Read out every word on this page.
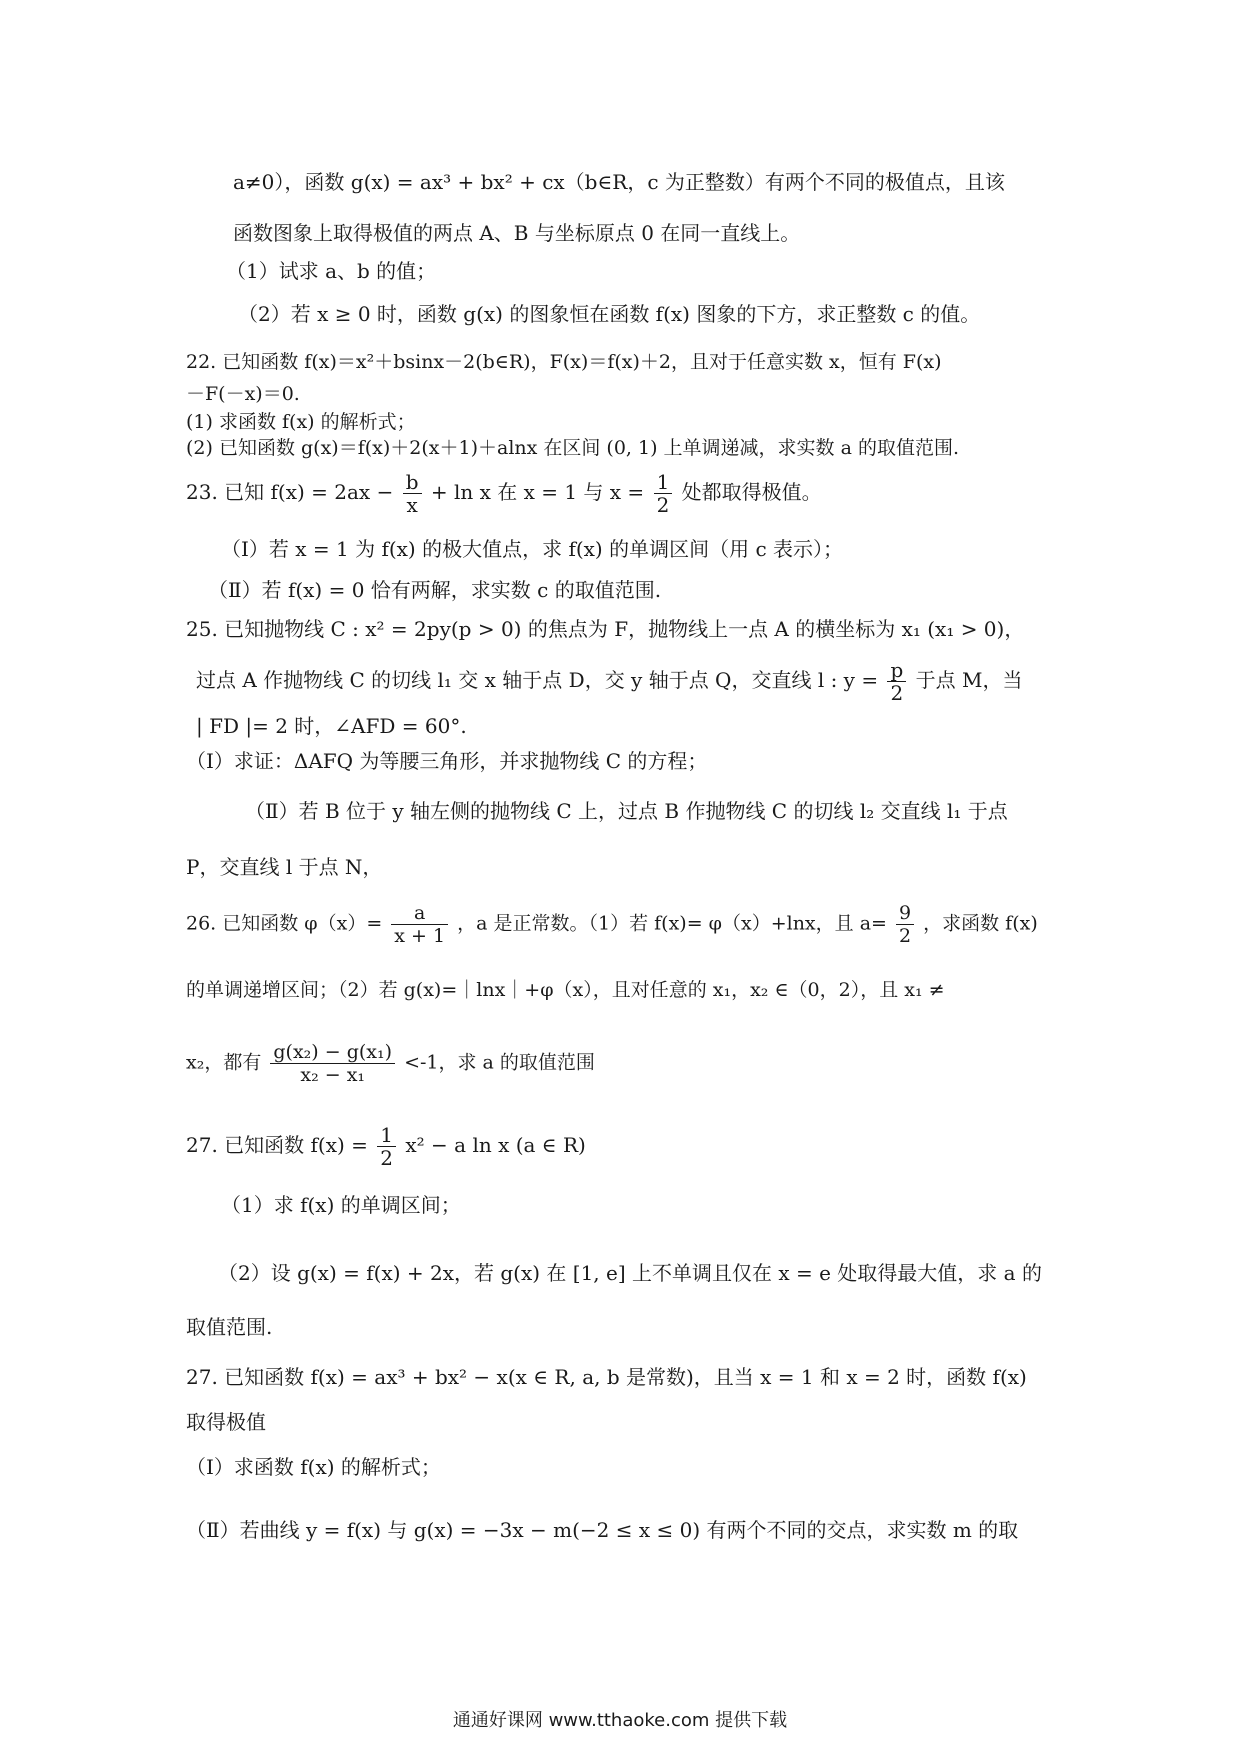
a≠0），函数 g(x) = ax³ + bx² + cx（b∈R，c 为正整数）有两个不同的极值点，且该
函数图象上取得极值的两点 A、B 与坐标原点 0 在同一直线上。
（1）试求 a、b 的值；
（2）若 x ≥ 0 时，函数 g(x) 的图象恒在函数 f(x) 图象的下方，求正整数 c 的值。
22. 已知函数 f(x)＝x²＋bsinx－2(b∈R)，F(x)＝f(x)＋2，且对于任意实数 x，恒有 F(x)
－F(－x)＝0.
(1) 求函数 f(x) 的解析式；
(2) 已知函数 g(x)＝f(x)＋2(x＋1)＋alnx 在区间 (0, 1) 上单调递减，求实数 a 的取值范围.
23. 已知 $f(x) = 2ax - \frac{b}{x} + \ln x$ 在 x = 1 与 $x = \frac{1}{2}$ 处都取得极值。
（Ⅰ）若 x = 1 为 f(x) 的极大值点，求 f(x) 的单调区间（用 c 表示）；
（Ⅱ）若 f(x) = 0 恰有两解，求实数 c 的取值范围.
25. 已知抛物线 C : x² = 2py(p > 0) 的焦点为 F，抛物线上一点 A 的横坐标为 x₁ (x₁ > 0)，
过点 A 作抛物线 C 的切线 l₁ 交 x 轴于点 D，交 y 轴于点 Q，交直线 l : $y = \frac{p}{2}$ 于点 M，当
| FD |= 2 时，∠AFD = 60°.
（Ⅰ）求证：ΔAFQ 为等腰三角形，并求抛物线 C 的方程；
（Ⅱ）若 B 位于 y 轴左侧的抛物线 C 上，过点 B 作抛物线 C 的切线 l₂ 交直线 l₁ 于点
P，交直线 l 于点 N，
26. 已知函数 $\varphi(x)= \frac{a}{x + 1}$ ，a 是正常数。（1）若 f(x)= φ（x）+lnx，且 $a= \frac{9}{2}$ ，求函数 f(x)
的单调递增区间；（2）若 g(x)=｜lnx｜+φ（x），且对任意的 x₁，x₂ ∈（0，2），且 x₁ ≠
x₂，都有 $\frac{\text{g(x₂) − g(x₁)}}{\text{x₂ − x₁}} <-1$，求 a 的取值范围
27. 已知函数 $f(x) = \frac{1}{2} x^2 - a$ ln x (a ∈ R)
（1）求 f(x) 的单调区间；
（2）设 g(x) = f(x) + 2x，若 g(x) 在 [1, e] 上不单调且仅在 x = e 处取得最大值，求 a 的
取值范围.
27. 已知函数 f(x) = ax³ + bx² − x(x ∈ R, a, b 是常数)，且当 x = 1 和 x = 2 时，函数 f(x)
取得极值
（Ⅰ）求函数 f(x) 的解析式；
（Ⅱ）若曲线 y = f(x) 与 g(x) = −3x − m(−2 ≤ x ≤ 0) 有两个不同的交点，求实数 m 的取
通通好课网 www.tthaoke.com 提供下载
